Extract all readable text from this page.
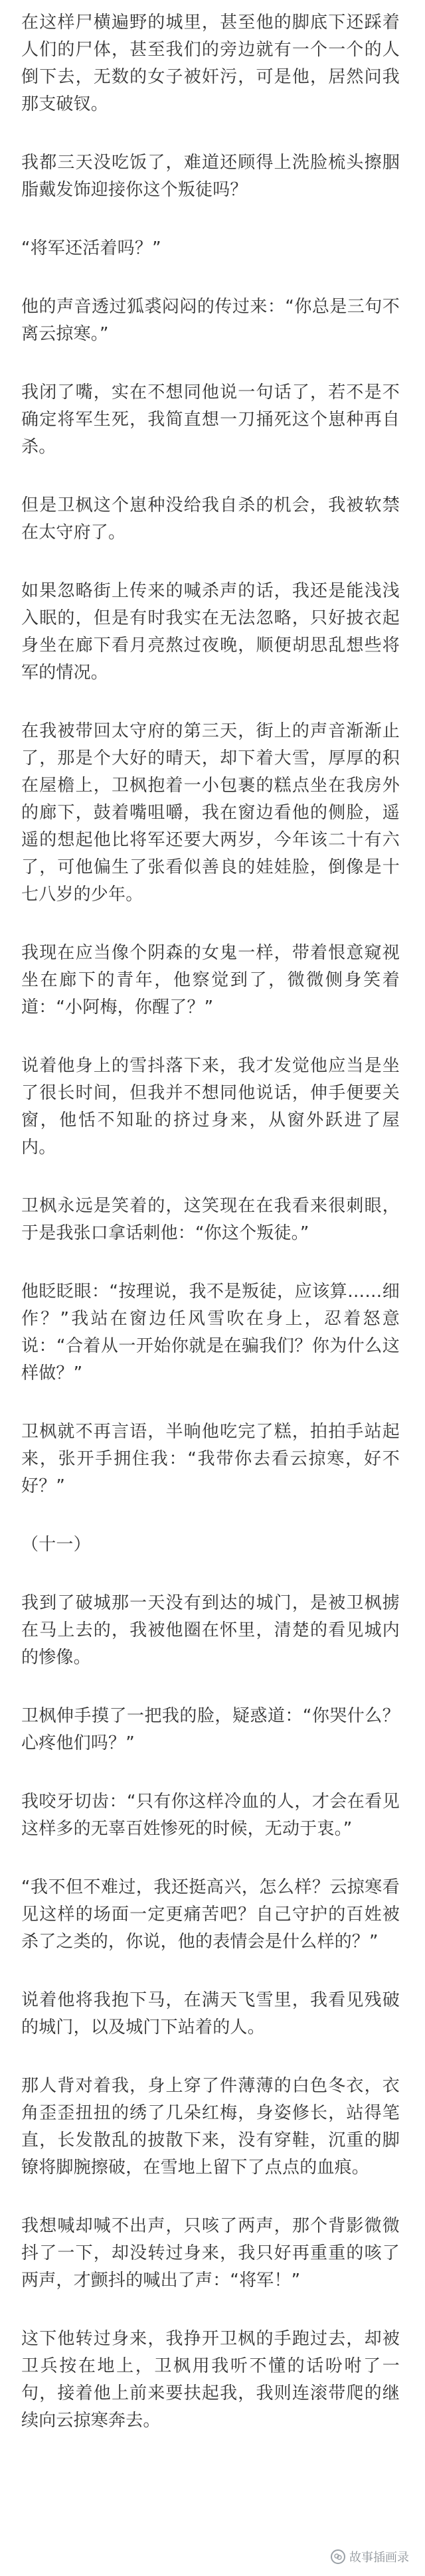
在这样尸横遍野的城里，甚至他的脚底下还踩着人们的尸体，甚至我们的旁边就有一个一个的人倒下去，无数的女子被奸污，可是他，居然问我那支破钗。

我都三天没吃饭了，难道还顾得上洗脸梳头擦胭脂戴发饰迎接你这个叛徒吗？

“将军还活着吗？”

他的声音透过狐裘闷闷的传过来：“你总是三句不离云掠寒。”

我闭了嘴，实在不想同他说一句话了，若不是不确定将军生死，我简直想一刀捅死这个崽种再自杀。

但是卫枫这个崽种没给我自杀的机会，我被软禁在太守府了。

如果忽略街上传来的喊杀声的话，我还是能浅浅入眠的，但是有时我实在无法忽略，只好披衣起身坐在廊下看月亮熬过夜晚，顺便胡思乱想些将军的情况。

在我被带回太守府的第三天，街上的声音渐渐止了，那是个大好的晴天，却下着大雪，厚厚的积在屋檐上，卫枫抱着一小包裹的糕点坐在我房外的廊下，鼓着嘴咀嚼，我在窗边看他的侧脸，遥遥的想起他比将军还要大两岁，今年该二十有六了，可他偏生了张看似善良的娃娃脸，倒像是十七八岁的少年。

我现在应当像个阴森的女鬼一样，带着恨意窥视坐在廊下的青年，他察觉到了，微微侧身笑着道：“小阿梅，你醒了？”

说着他身上的雪抖落下来，我才发觉他应当是坐了很长时间，但我并不想同他说话，伸手便要关窗，他恬不知耻的挤过身来，从窗外跃进了屋内。

卫枫永远是笑着的，这笑现在在我看来很刺眼，于是我张口拿话刺他：“你这个叛徒。”

他眨眨眼：“按理说，我不是叛徒，应该算……细作？”我站在窗边任风雪吹在身上，忍着怒意说：“合着从一开始你就是在骗我们？你为什么这样做？”

卫枫就不再言语，半晌他吃完了糕，拍拍手站起来，张开手拥住我：“我带你去看云掠寒，好不好？”

（十一）

我到了破城那一天没有到达的城门，是被卫枫掳在马上去的，我被他圈在怀里，清楚的看见城内的惨像。

卫枫伸手摸了一把我的脸，疑惑道：“你哭什么？心疼他们吗？”

我咬牙切齿：“只有你这样冷血的人，才会在看见这样多的无辜百姓惨死的时候，无动于衷。”

“我不但不难过，我还挺高兴，怎么样？云掠寒看见这样的场面一定更痛苦吧？自己守护的百姓被杀了之类的，你说，他的表情会是什么样的？”

说着他将我抱下马，在满天飞雪里，我看见残破的城门，以及城门下站着的人。

那人背对着我，身上穿了件薄薄的白色冬衣，衣角歪歪扭扭的绣了几朵红梅，身姿修长，站得笔直，长发散乱的披散下来，没有穿鞋，沉重的脚镣将脚腕擦破，在雪地上留下了点点的血痕。

我想喊却喊不出声，只咳了两声，那个背影微微抖了一下，却没转过身来，我只好再重重的咳了两声，才颤抖的喊出了声：“将军！”

这下他转过身来，我挣开卫枫的手跑过去，却被卫兵按在地上，卫枫用我听不懂的话吩咐了一句，接着他上前来要扶起我，我则连滚带爬的继续向云掠寒奔去。

故事插画录
